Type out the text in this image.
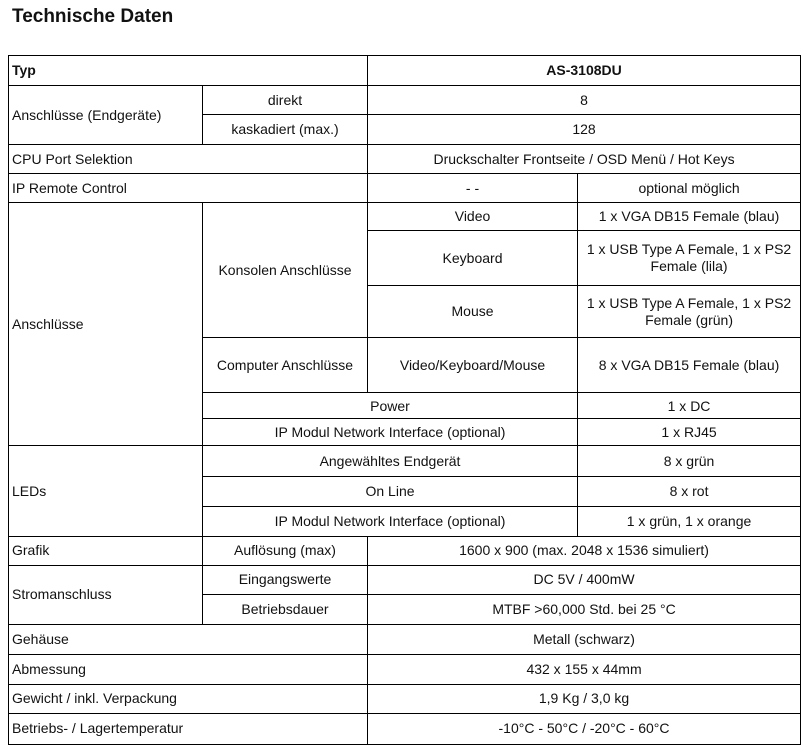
Technische Daten
Typ		AS-3108DU	
Anschlüsse (Endgeräte)	direkt	8	
	kaskadiert (max.)	128	
CPU Port Selektion		Druckschalter Frontseite / OSD Menü / Hot Keys	
IP Remote Control		- -	optional möglich
Anschlüsse	Konsolen Anschlüsse	Video	1 x VGA DB15 Female (blau)
		Keyboard	1 x USB Type A Female, 1 x PS2 Female (lila)
		Mouse	1 x USB Type A Female, 1 x PS2 Female (grün)
	Computer Anschlüsse	Video/Keyboard/Mouse	8 x VGA DB15 Female (blau)
	Power		1 x DC
	IP Modul Network Interface (optional)		1 x RJ45
LEDs	Angewähltes Endgerät		8 x grün
	On Line		8 x rot
	IP Modul Network Interface (optional)		1 x grün, 1 x orange
Grafik	Auflösung (max)	1600 x 900 (max. 2048 x 1536 simuliert)	
Stromanschluss	Eingangswerte	DC 5V / 400mW	
	Betriebsdauer	MTBF >60,000 Std. bei 25 °C	
Gehäuse		Metall (schwarz)	
Abmessung		432 x 155 x 44mm	
Gewicht / inkl. Verpackung		1,9 Kg / 3,0 kg	
Betriebs- / Lagertemperatur		-10°C - 50°C / -20°C - 60°C	
